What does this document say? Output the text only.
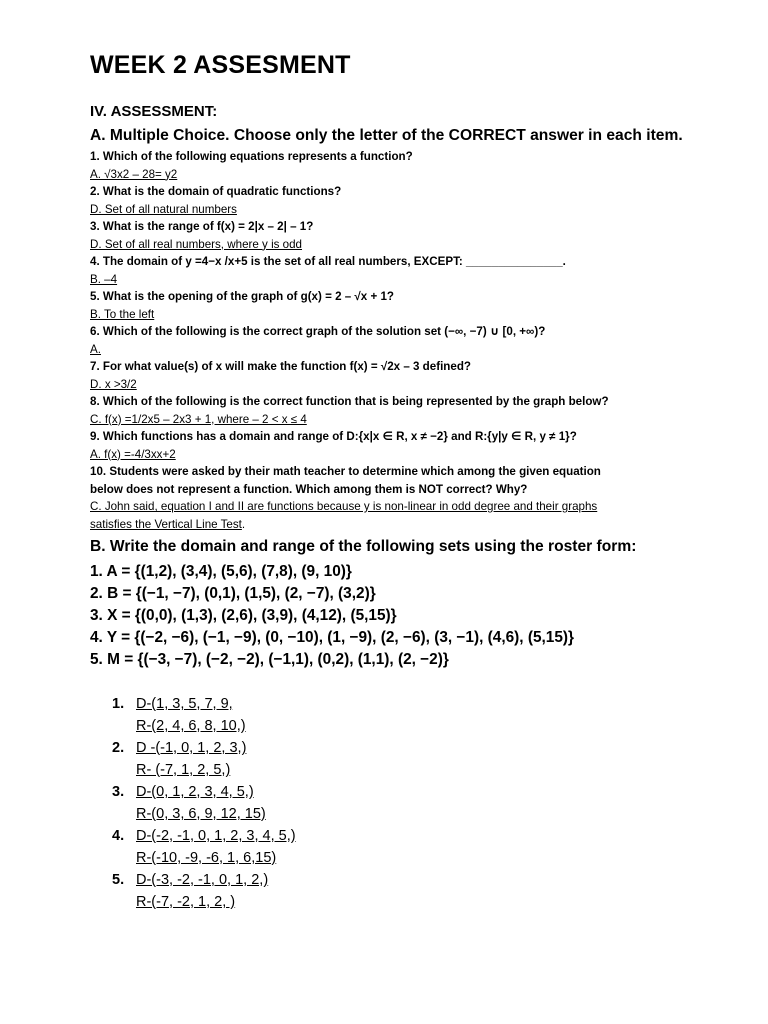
WEEK 2 ASSESMENT
IV. ASSESSMENT:
A. Multiple Choice. Choose only the letter of the CORRECT answer in each item.
1. Which of the following equations represents a function?
A. √3x2 – 28= y2
2. What is the domain of quadratic functions?
D. Set of all natural numbers
3. What is the range of f(x) = 2|x – 2| – 1?
D. Set of all real numbers, where y is odd
4. The domain of y =4−x /x+5 is the set of all real numbers, EXCEPT: _______________.
B. –4
5. What is the opening of the graph of g(x) = 2 – √x + 1?
B. To the left
6. Which of the following is the correct graph of the solution set (−∞, −7) ∪ [0, +∞)?
A.
7. For what value(s) of x will make the function f(x) = √2x – 3 defined?
D. x >3/2
8. Which of the following is the correct function that is being represented by the graph below?
C. f(x) =1/2x5 – 2x3 + 1, where – 2 < x ≤ 4
9. Which functions has a domain and range of D:{x|x ∈ R, x ≠ −2} and R:{y|y ∈ R, y ≠ 1}?
A. f(x) =-4/3xx+2
10. Students were asked by their math teacher to determine which among the given equation
below does not represent a function. Which among them is NOT correct? Why?
C. John said, equation I and II are functions because y is non-linear in odd degree and their graphs
satisfies the Vertical Line Test.
B. Write the domain and range of the following sets using the roster form:
1. A = {(1,2), (3,4), (5,6), (7,8), (9, 10)}
2. B = {(−1, −7), (0,1), (1,5), (2, −7), (3,2)}
3. X = {(0,0), (1,3), (2,6), (3,9), (4,12), (5,15)}
4. Y = {(−2, −6), (−1, −9), (0, −10), (1, −9), (2, −6), (3, −1), (4,6), (5,15)}
5. M = {(−3, −7), (−2, −2), (−1,1), (0,2), (1,1), (2, −2)}
1. D-(1, 3, 5, 7, 9,
R-(2, 4, 6, 8, 10,)
2. D -(-1, 0, 1, 2, 3,)
R- (-7, 1, 2, 5,)
3. D-(0, 1, 2, 3, 4, 5,)
R-(0, 3, 6, 9, 12, 15)
4. D-(-2, -1, 0, 1, 2, 3, 4, 5,)
R-(-10, -9, -6, 1, 6,15)
5. D-(-3, -2, -1, 0, 1, 2,)
R-(-7, -2, 1, 2, )
